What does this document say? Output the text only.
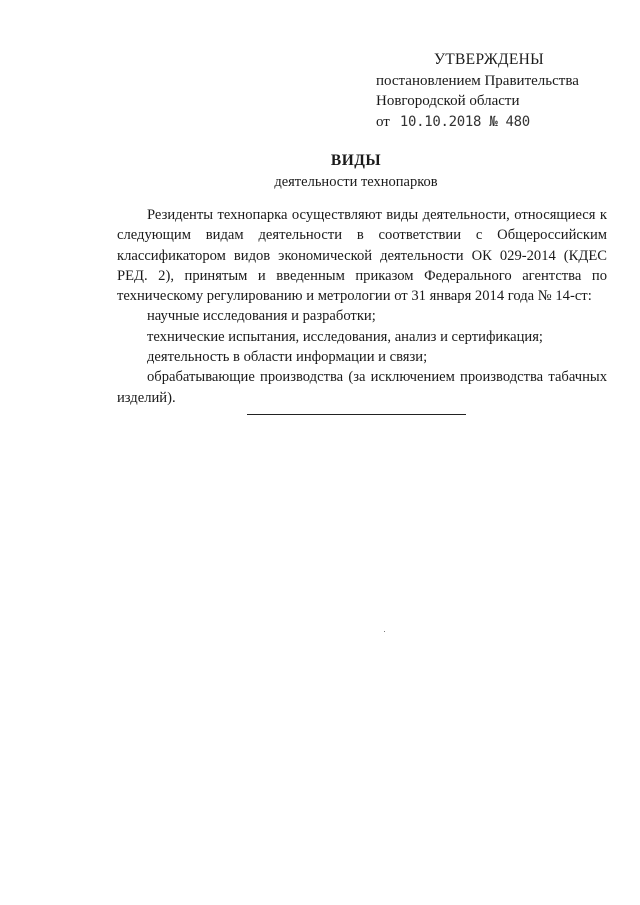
УТВЕРЖДЕНЫ
постановлением Правительства
Новгородской области
от 10.10.2018 № 480
ВИДЫ
деятельности технопарков

Резиденты технопарка осуществляют виды деятельности, относящиеся к следующим видам деятельности в соответствии с Общероссийским классификатором видов экономической деятельности ОК 029-2014 (КДЕС РЕД. 2), принятым и введенным приказом Федерального агентства по техническому регулированию и метрологии от 31 января 2014 года № 14-ст:

научные исследования и разработки;

технические испытания, исследования, анализ и сертификация;

деятельность в области информации и связи;

обрабатывающие производства (за исключением производства табачных изделий).
